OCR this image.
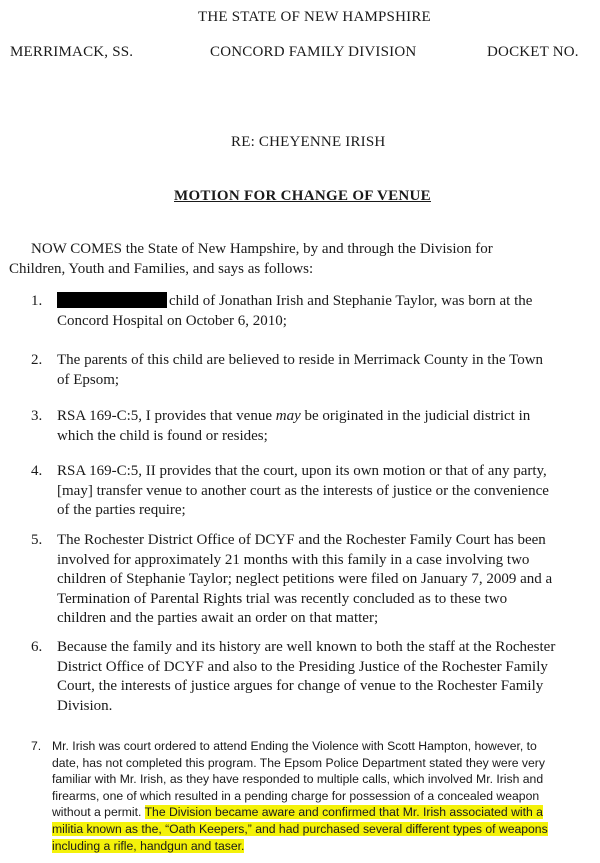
THE STATE OF NEW HAMPSHIRE
MERRIMACK, SS.	CONCORD FAMILY DIVISION	DOCKET NO.
RE: CHEYENNE IRISH
MOTION FOR CHANGE OF VENUE
NOW COMES the State of New Hampshire, by and through the Division for
Children, Youth and Families, and says as follows:
1.	child of Jonathan Irish and Stephanie Taylor, was born at the
Concord Hospital on October 6, 2010;
2. The parents of this child are believed to reside in Merrimack County in the Town
of Epsom;
3. RSA 169-C:5, I provides that venue may be originated in the judicial district in
which the child is found or resides;
4. RSA 169-C:5, II provides that the court, upon its own motion or that of any party,
[may] transfer venue to another court as the interests of justice or the convenience
of the parties require;
5. The Rochester District Office of DCYF and the Rochester Family Court has been
involved for approximately 21 months with this family in a case involving two
children of Stephanie Taylor; neglect petitions were filed on January 7, 2009 and a
Termination of Parental Rights trial was recently concluded as to these two
children and the parties await an order on that matter;
6. Because the family and its history are well known to both the staff at the Rochester
District Office of DCYF and also to the Presiding Justice of the Rochester Family
Court, the interests of justice argues for change of venue to the Rochester Family
Division.
7. Mr. Irish was court ordered to attend Ending the Violence with Scott Hampton, however, to
date, has not completed this program. The Epsom Police Department stated they were very
familiar with Mr. Irish, as they have responded to multiple calls, which involved Mr. Irish and
firearms, one of which resulted in a pending charge for possession of a concealed weapon
without a permit. The Division became aware and confirmed that Mr. Irish associated with a
militia known as the, “Oath Keepers,” and had purchased several different types of weapons
including a rifle, handgun and taser.
